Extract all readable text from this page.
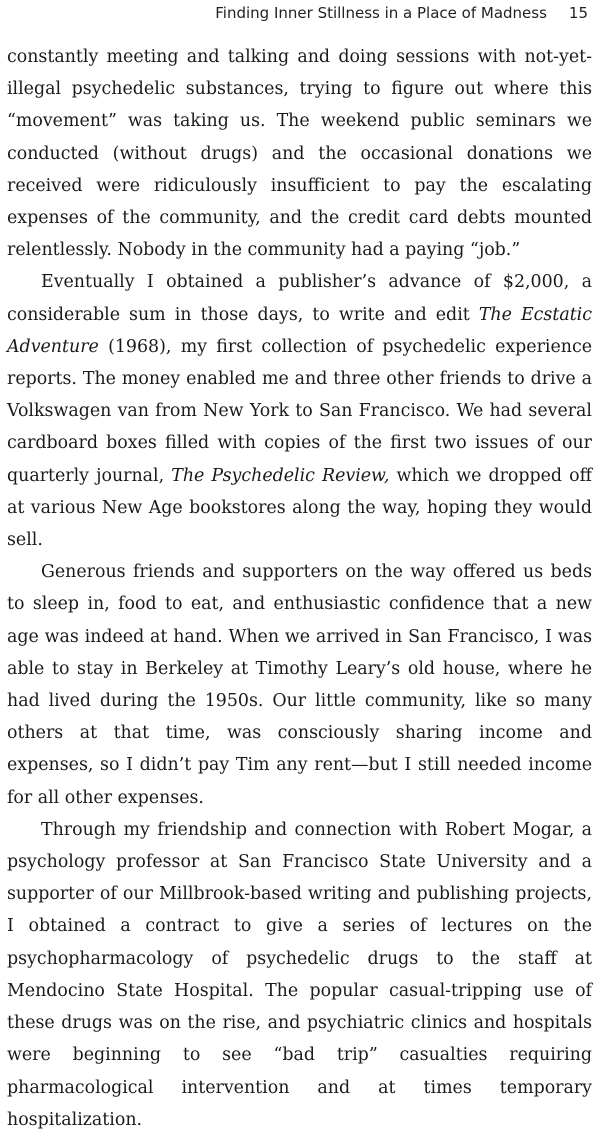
Finding Inner Stillness in a Place of Madness 15

constantly meeting and talking and doing sessions with not-yet-illegal psychedelic substances, trying to figure out where this “movement” was taking us. The weekend public seminars we conducted (without drugs) and the occasional donations we received were ridiculously insufficient to pay the escalating expenses of the community, and the credit card debts mounted relentlessly. Nobody in the community had a paying “job.”

Eventually I obtained a publisher’s advance of $2,000, a considerable sum in those days, to write and edit The Ecstatic Adventure (1968), my first collection of psychedelic experience reports. The money enabled me and three other friends to drive a Volkswagen van from New York to San Francisco. We had several cardboard boxes filled with copies of the first two issues of our quarterly journal, The Psychedelic Review, which we dropped off at various New Age bookstores along the way, hoping they would sell.

Generous friends and supporters on the way offered us beds to sleep in, food to eat, and enthusiastic confidence that a new age was indeed at hand. When we arrived in San Francisco, I was able to stay in Berkeley at Timothy Leary’s old house, where he had lived during the 1950s. Our little community, like so many others at that time, was consciously sharing income and expenses, so I didn’t pay Tim any rent—but I still needed income for all other expenses.

Through my friendship and connection with Robert Mogar, a psychology professor at San Francisco State University and a supporter of our Millbrook-based writing and publishing projects, I obtained a contract to give a series of lectures on the psychopharmacology of psychedelic drugs to the staff at Mendocino State Hospital. The popular casual-tripping use of these drugs was on the rise, and psychiatric clinics and hospitals were beginning to see “bad trip” casualties requiring pharmacological intervention and at times temporary hospitalization.
